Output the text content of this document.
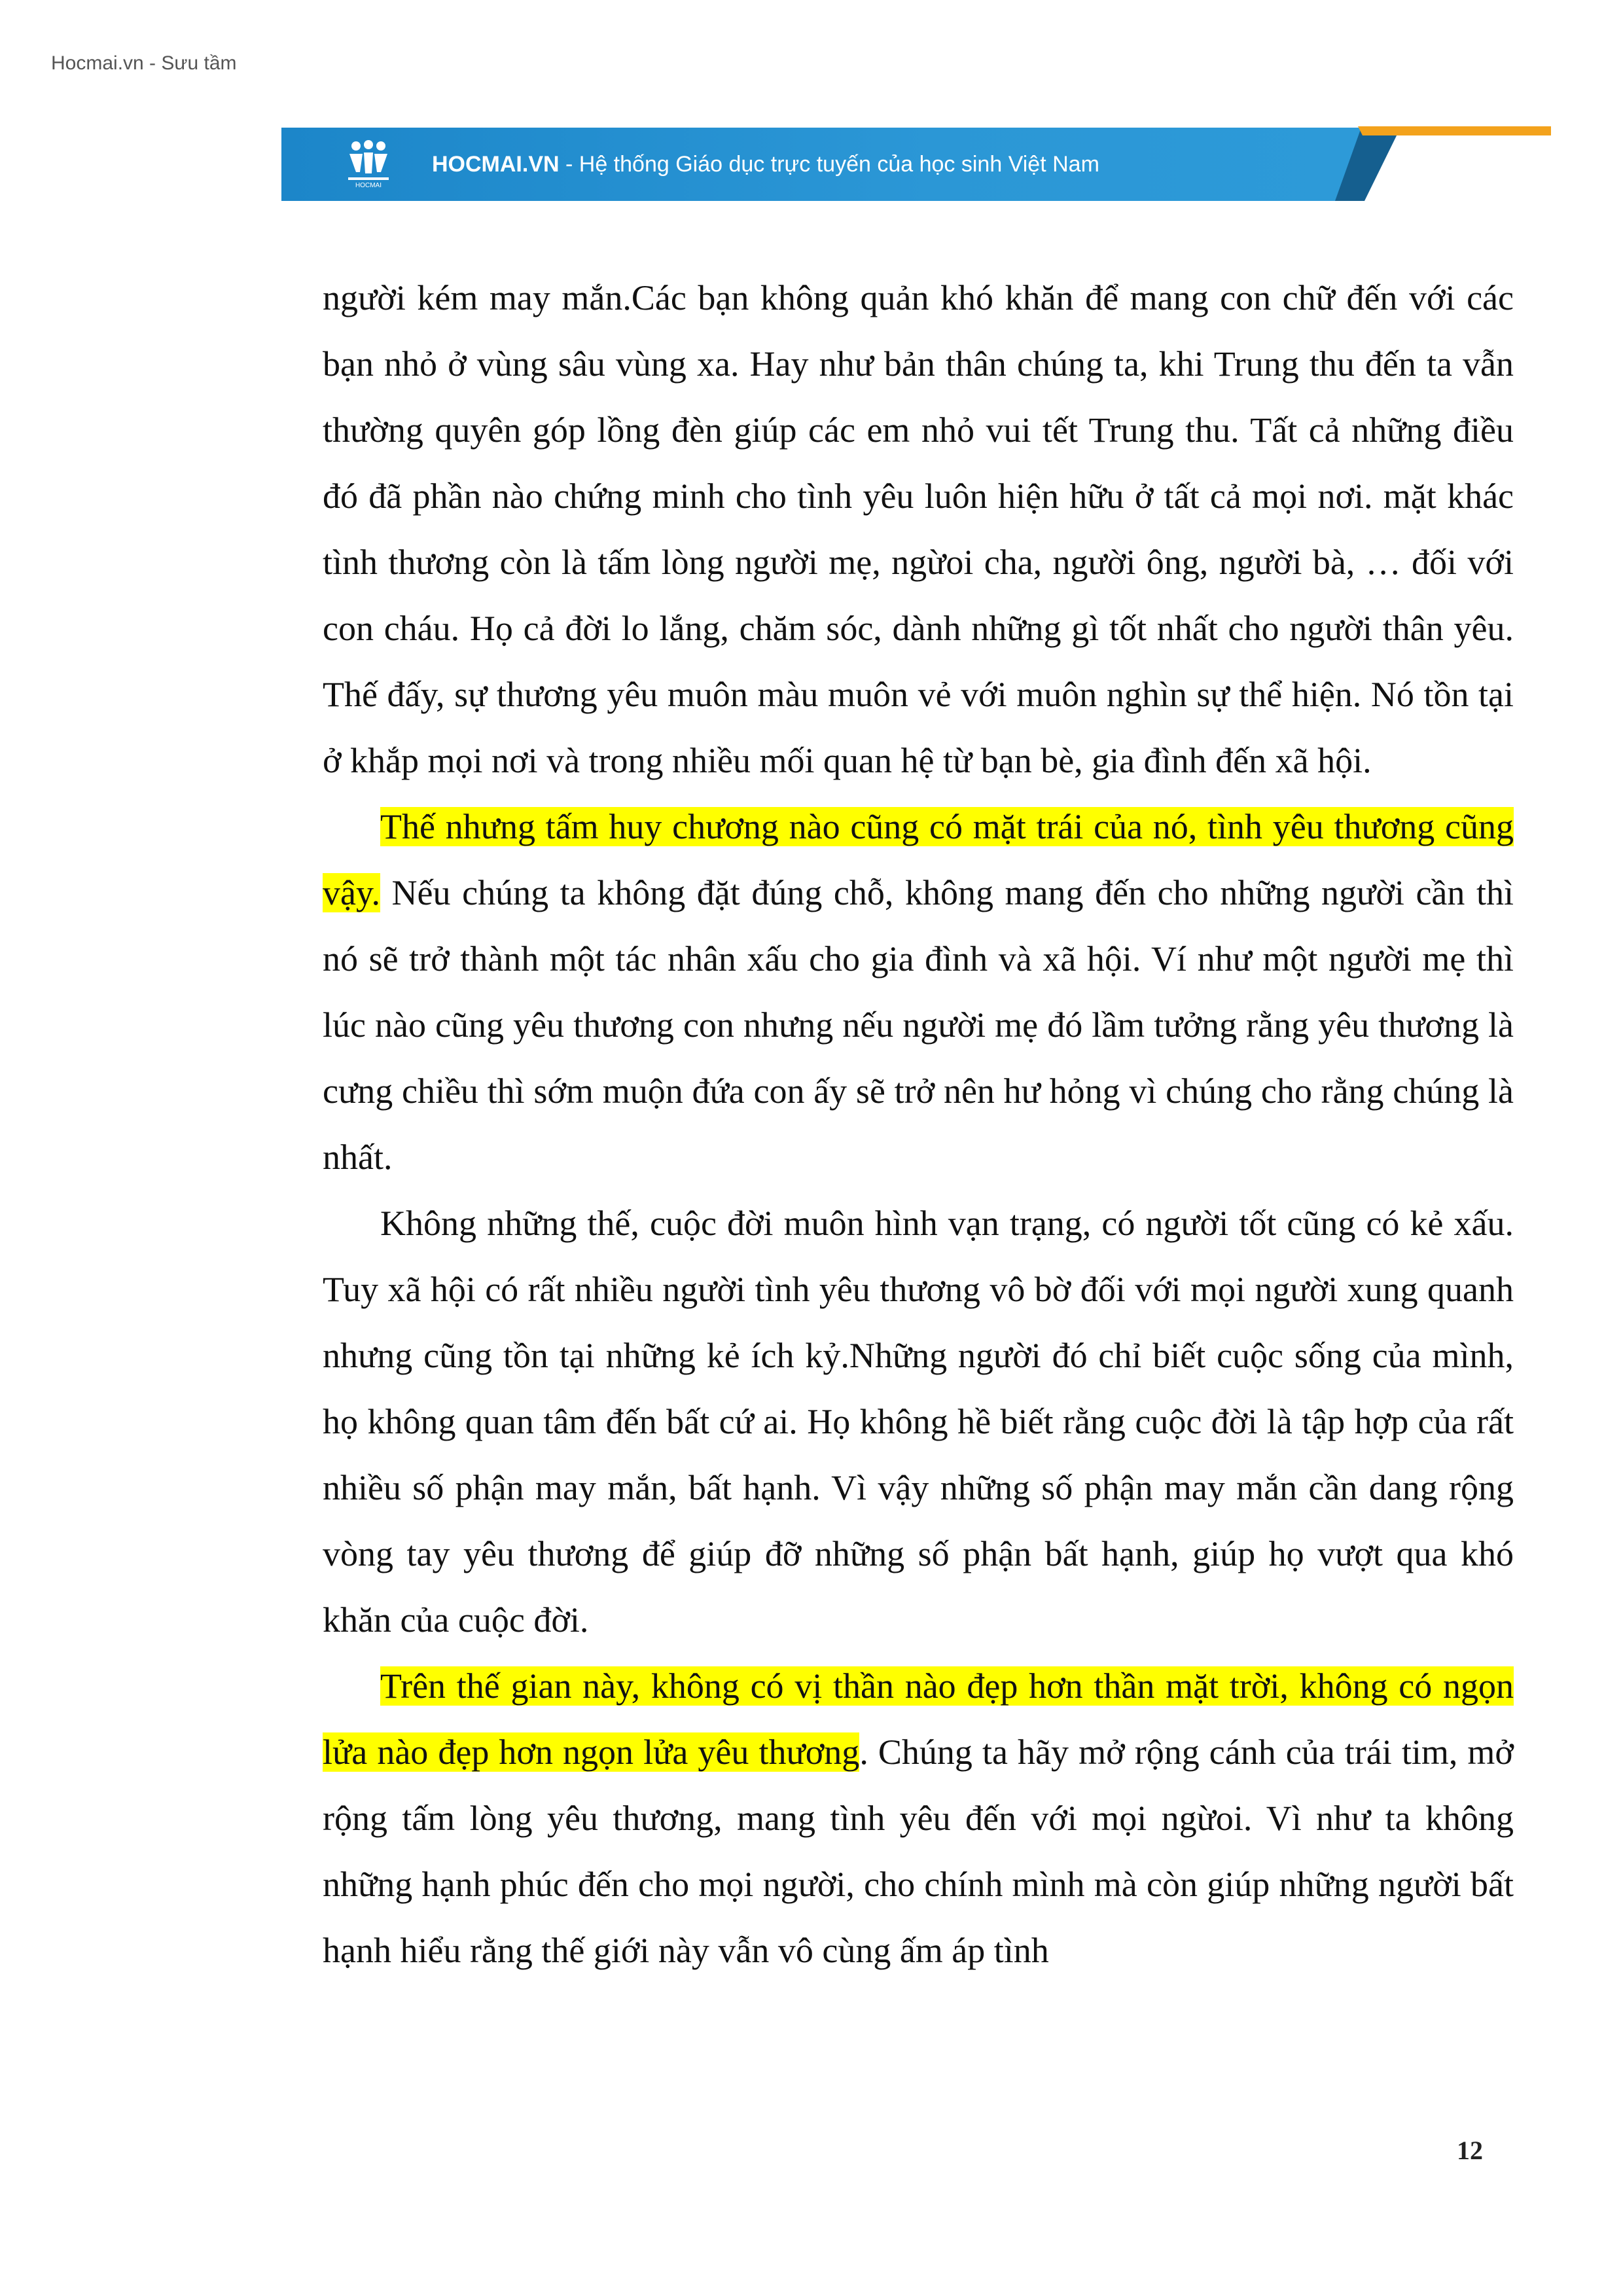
Hocmai.vn - Sưu tầm
HOCMAI
HOCMAI.VN - Hệ thống Giáo dục trực tuyến của học sinh Việt Nam

người kém may mắn.Các bạn không quản khó khăn để mang con chữ đến với các bạn nhỏ ở vùng sâu vùng xa. Hay như bản thân chúng ta, khi Trung thu đến ta vẫn thường quyên góp lồng đèn giúp các em nhỏ vui tết Trung thu. Tất cả những điều đó đã phần nào chứng minh cho tình yêu luôn hiện hữu ở tất cả mọi nơi. mặt khác tình thương còn là tấm lòng người mẹ, ngừoi cha, người ông, người bà, … đối với con cháu. Họ cả đời lo lắng, chăm sóc, dành những gì tốt nhất cho người thân yêu. Thế đấy, sự thương yêu muôn màu muôn vẻ với muôn nghìn sự thể hiện. Nó tồn tại ở khắp mọi nơi và trong nhiều mối quan hệ từ bạn bè, gia đình đến xã hội.

Thế nhưng tấm huy chương nào cũng có mặt trái của nó, tình yêu thương cũng vậy. Nếu chúng ta không đặt đúng chỗ, không mang đến cho những người cần thì nó sẽ trở thành một tác nhân xấu cho gia đình và xã hội. Ví như một người mẹ thì lúc nào cũng yêu thương con nhưng nếu người mẹ đó lầm tưởng rằng yêu thương là cưng chiều thì sớm muộn đứa con ấy sẽ trở nên hư hỏng vì chúng cho rằng chúng là nhất.

Không những thế, cuộc đời muôn hình vạn trạng, có người tốt cũng có kẻ xấu. Tuy xã hội có rất nhiều người tình yêu thương vô bờ đối với mọi người xung quanh nhưng cũng tồn tại những kẻ ích kỷ.Những người đó chỉ biết cuộc sống của mình, họ không quan tâm đến bất cứ ai. Họ không hề biết rằng cuộc đời là tập hợp của rất nhiều số phận may mắn, bất hạnh. Vì vậy những số phận may mắn cần dang rộng vòng tay yêu thương để giúp đỡ những số phận bất hạnh, giúp họ vượt qua khó khăn của cuộc đời.

Trên thế gian này, không có vị thần nào đẹp hơn thần mặt trời, không có ngọn lửa nào đẹp hơn ngọn lửa yêu thương. Chúng ta hãy mở rộng cánh của trái tim, mở rộng tấm lòng yêu thương, mang tình yêu đến với mọi ngừoi. Vì như ta không những hạnh phúc đến cho mọi người, cho chính mình mà còn giúp những người bất hạnh hiểu rằng thế giới này vẫn vô cùng ấm áp tình

12
